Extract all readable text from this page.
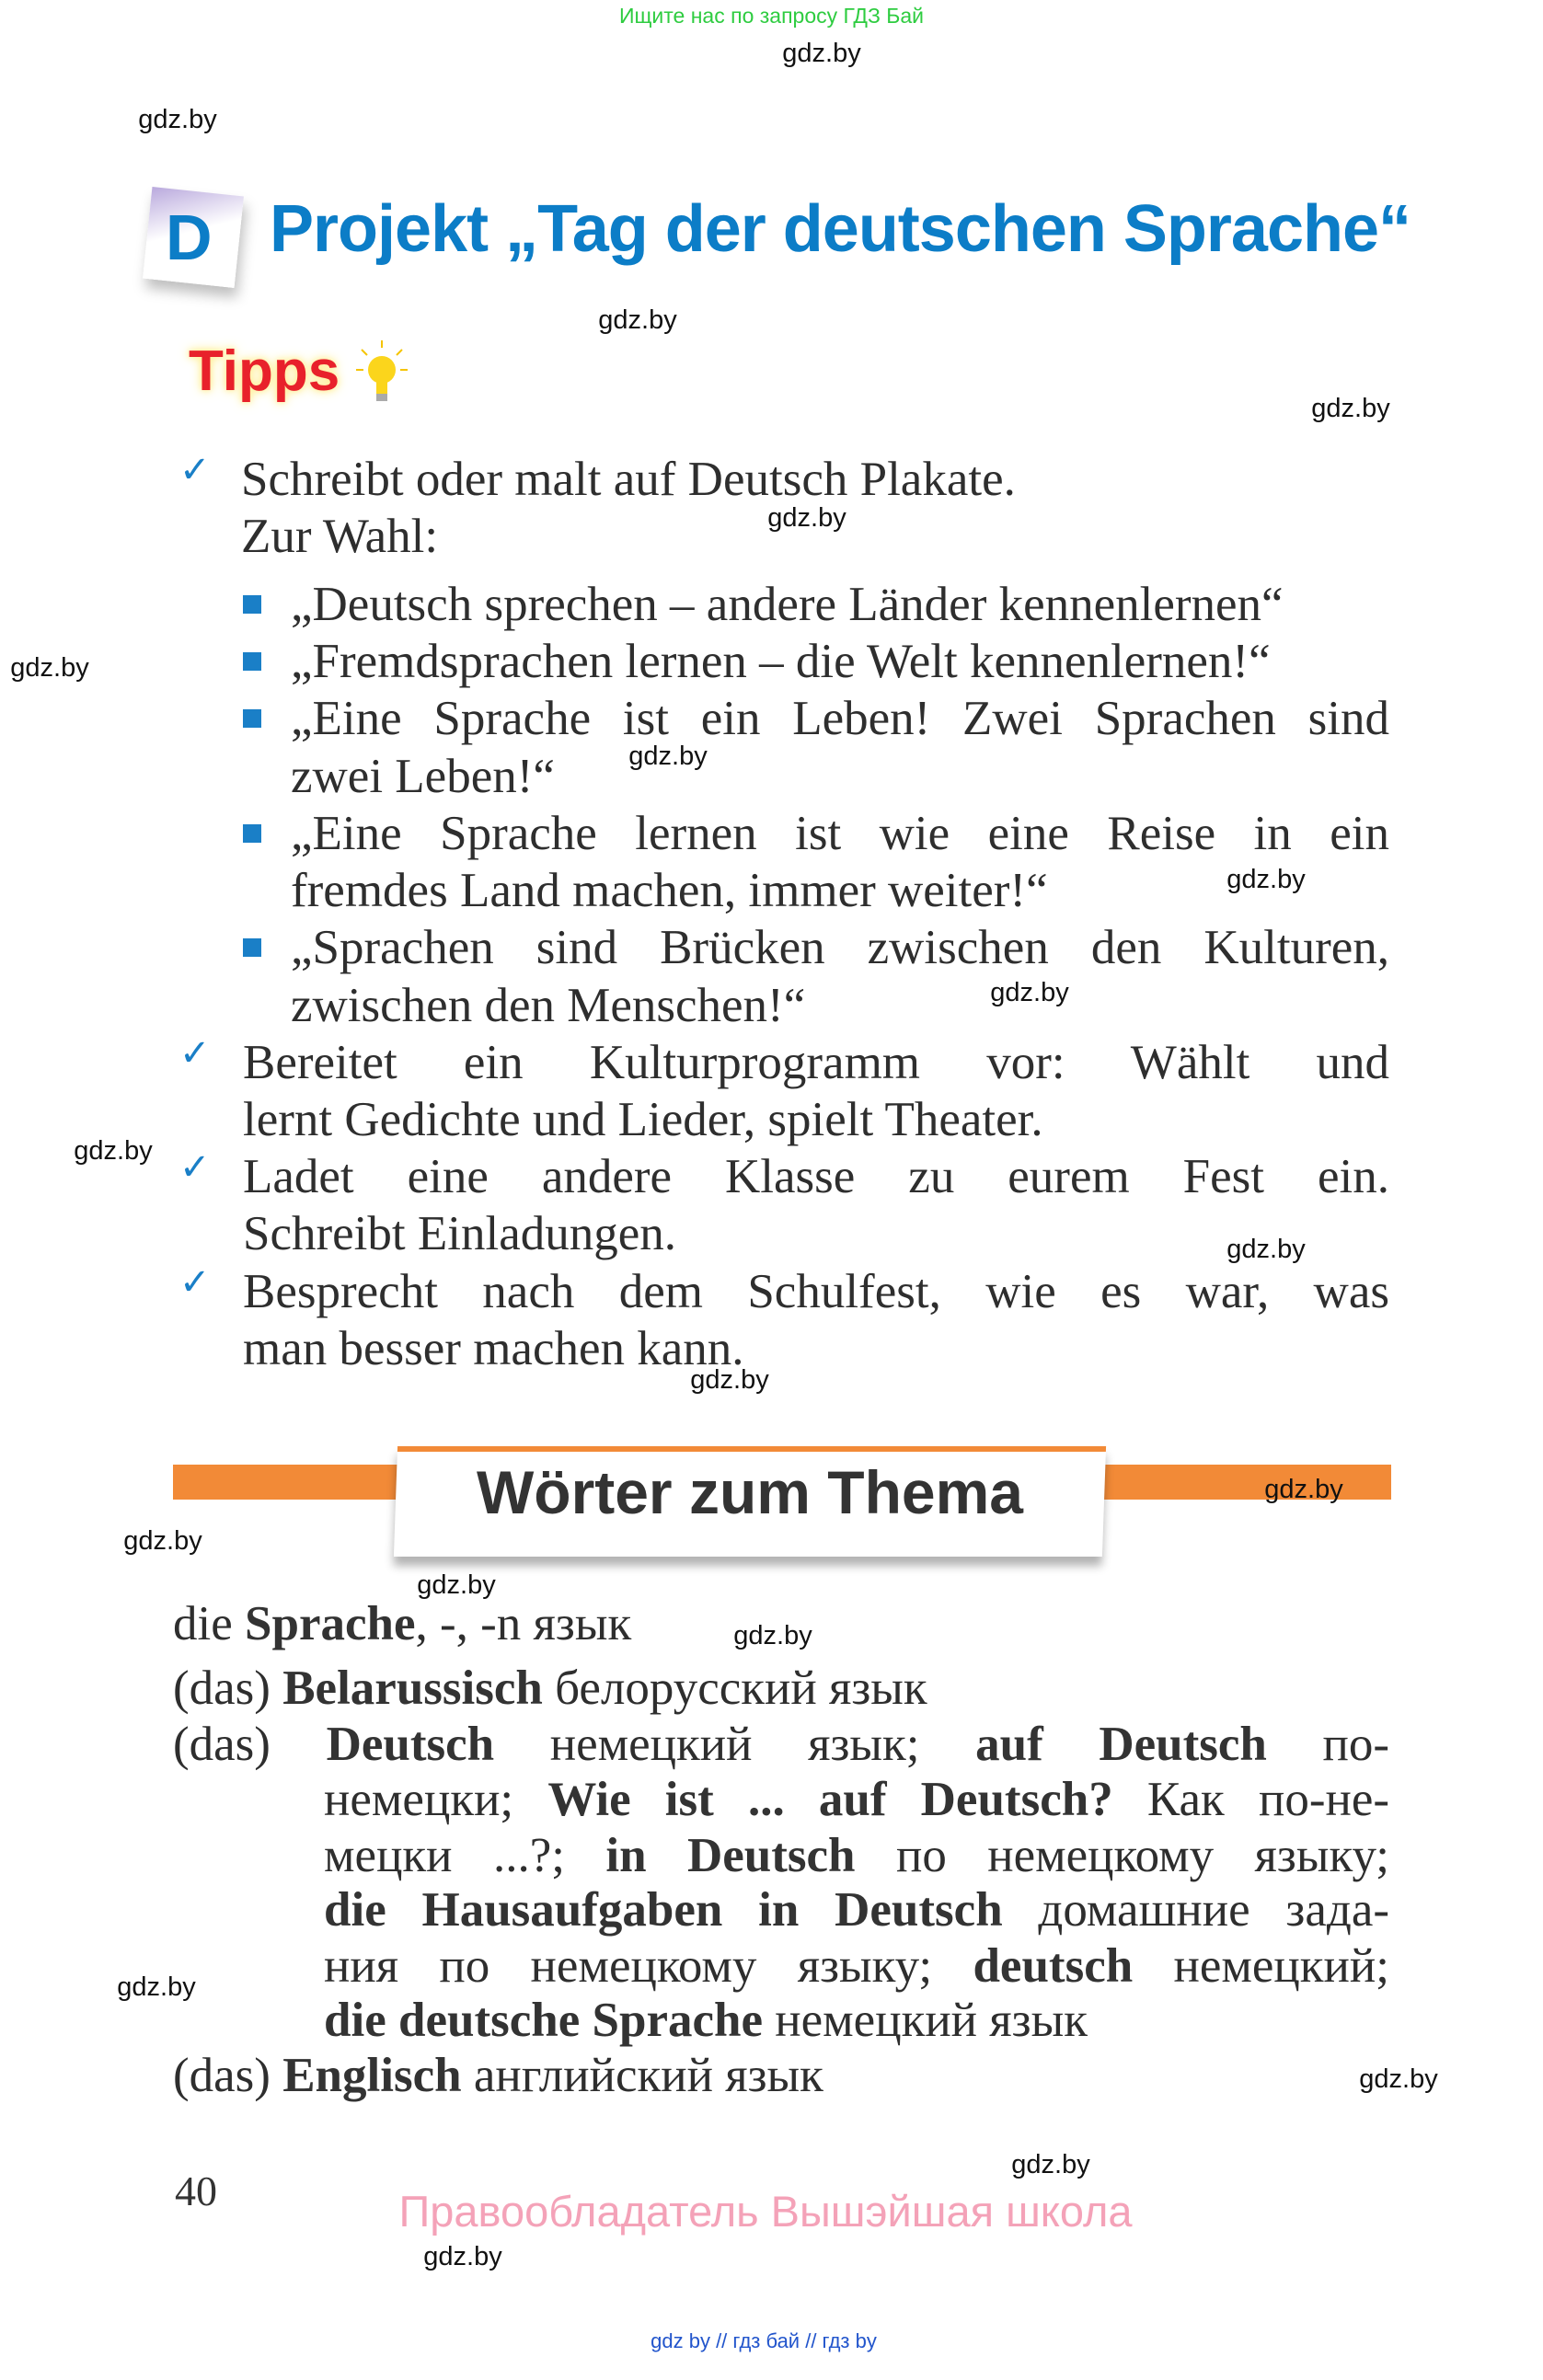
Ищите нас по запросу ГДЗ Бай
gdz.by
gdz.by
gdz.by
gdz.by
gdz.by
gdz.by
gdz.by
gdz.by
gdz.by
gdz.by
gdz.by
gdz.by
gdz.by
gdz.by
gdz.by
gdz.by
gdz.by
gdz.by
gdz.by
gdz.by
D Projekt „Tag der deutschen Sprache“
Tipps
✓ Schreibt oder malt auf Deutsch Plakate.
Zur Wahl:
„Deutsch sprechen – andere Länder kennenlernen“
„Fremdsprachen lernen – die Welt kennenlernen!“
„Eine Sprache ist ein Leben! Zwei Sprachen sind
zwei Leben!“
„Eine Sprache lernen ist wie eine Reise in ein
fremdes Land machen, immer weiter!“
„Sprachen sind Brücken zwischen den Kulturen,
zwischen den Menschen!“
✓ Bereitet ein Kulturprogramm vor: Wählt und
lernt Gedichte und Lieder, spielt Theater.
✓ Ladet eine andere Klasse zu eurem Fest ein.
Schreibt Einladungen.
✓ Besprecht nach dem Schulfest, wie es war, was
man besser machen kann.
Wörter zum Thema
die Sprache, -, -n язык
(das) Belarussisch белорусский язык
(das) Deutsch немецкий язык; auf Deutsch по-
немецки; Wie ist ... auf Deutsch? Как по-не-
мецки ...?; in Deutsch по немецкому языку;
die Hausaufgaben in Deutsch домашние зада-
ния по немецкому языку; deutsch немецкий;
die deutsche Sprache немецкий язык
(das) Englisch английский язык
40	Правообладатель Вышэйшая школа
gdz by // гдз бай // гдз by
